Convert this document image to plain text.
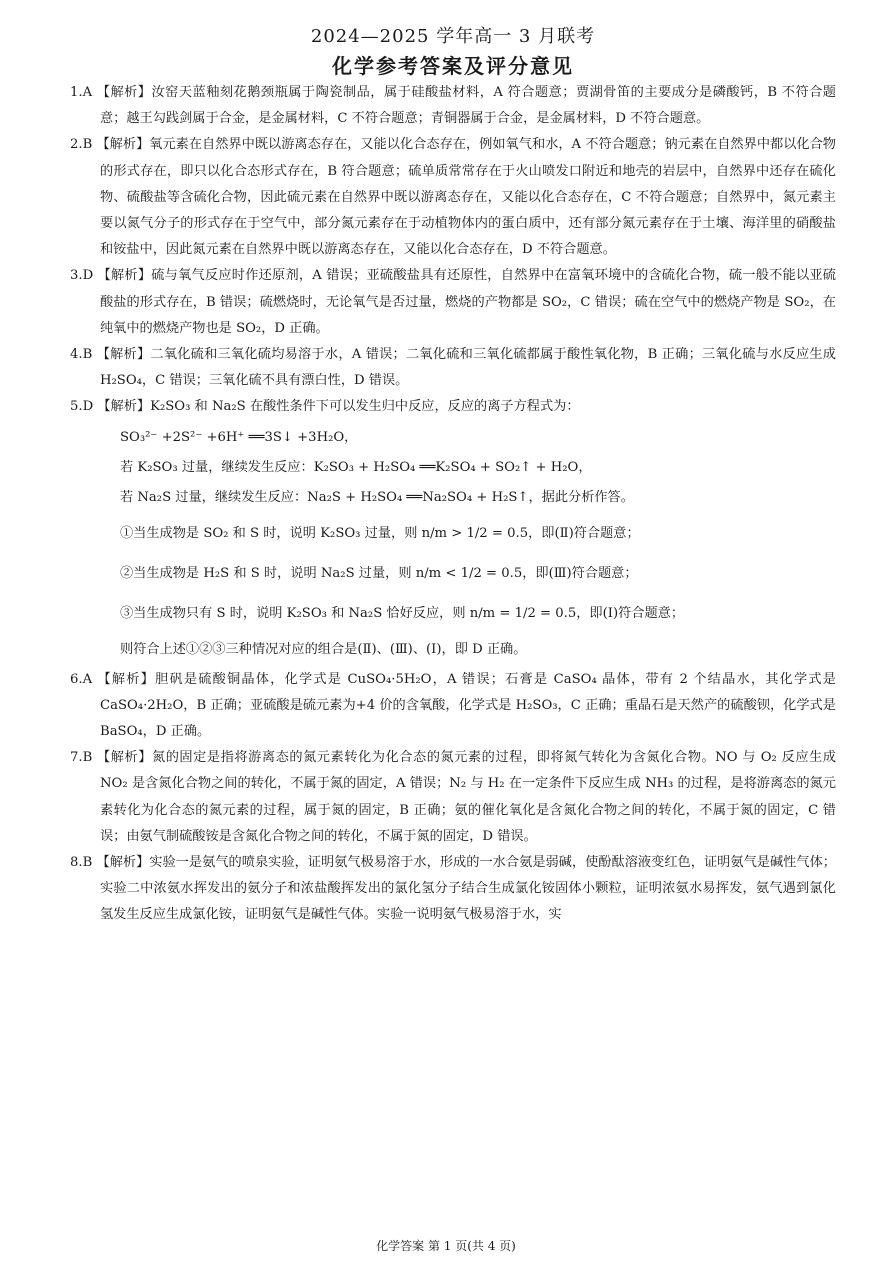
2024—2025 学年高一 3 月联考
化学参考答案及评分意见

1.A 【解析】汝窑天蓝釉刻花鹅颈瓶属于陶瓷制品，属于硅酸盐材料，A 符合题意；贾湖骨笛的主要成分是磷酸钙，B 不符合题意；越王勾践剑属于合金，是金属材料，C 不符合题意；青铜器属于合金，是金属材料，D 不符合题意。

2.B 【解析】氧元素在自然界中既以游离态存在，又能以化合态存在，例如氧气和水，A 不符合题意；钠元素在自然界中都以化合物的形式存在，即只以化合态形式存在，B 符合题意；硫单质常常存在于火山喷发口附近和地壳的岩层中，自然界中还存在硫化物、硫酸盐等含硫化合物，因此硫元素在自然界中既以游离态存在，又能以化合态存在，C 不符合题意；自然界中，氮元素主要以氮气分子的形式存在于空气中，部分氮元素存在于动植物体内的蛋白质中，还有部分氮元素存在于土壤、海洋里的硝酸盐和铵盐中，因此氮元素在自然界中既以游离态存在，又能以化合态存在，D 不符合题意。

3.D 【解析】硫与氧气反应时作还原剂，A 错误；亚硫酸盐具有还原性，自然界中在富氧环境中的含硫化合物，硫一般不能以亚硫酸盐的形式存在，B 错误；硫燃烧时，无论氧气是否过量，燃烧的产物都是 SO₂，C 错误；硫在空气中的燃烧产物是 SO₂，在纯氧中的燃烧产物也是 SO₂，D 正确。

4.B 【解析】二氧化硫和三氧化硫均易溶于水，A 错误；二氧化硫和三氧化硫都属于酸性氧化物，B 正确；三氧化硫与水反应生成 H₂SO₄，C 错误；三氧化硫不具有漂白性，D 错误。

5.D 【解析】K₂SO₃ 和 Na₂S 在酸性条件下可以发生归中反应，反应的离子方程式为：

SO₃²⁻ +2S²⁻ +6H⁺ ══3S↓ +3H₂O，
若 K₂SO₃ 过量，继续发生反应：K₂SO₃ + H₂SO₄ ══K₂SO₄ + SO₂↑ + H₂O，
若 Na₂S 过量，继续发生反应：Na₂S + H₂SO₄ ══Na₂SO₄ + H₂S↑，据此分析作答。
①当生成物是 SO₂ 和 S 时，说明 K₂SO₃ 过量，则 n/m > 1/2 = 0.5，即(Ⅱ)符合题意；
②当生成物是 H₂S 和 S 时，说明 Na₂S 过量，则 n/m < 1/2 = 0.5，即(Ⅲ)符合题意；
③当生成物只有 S 时，说明 K₂SO₃ 和 Na₂S 恰好反应，则 n/m = 1/2 = 0.5，即(Ⅰ)符合题意；
则符合上述①②③三种情况对应的组合是(Ⅱ)、(Ⅲ)、(Ⅰ)，即 D 正确。

6.A 【解析】胆矾是硫酸铜晶体，化学式是 CuSO₄·5H₂O，A 错误；石膏是 CaSO₄ 晶体，带有 2 个结晶水，其化学式是 CaSO₄·2H₂O，B 正确；亚硫酸是硫元素为+4 价的含氧酸，化学式是 H₂SO₃，C 正确；重晶石是天然产的硫酸钡，化学式是 BaSO₄，D 正确。

7.B 【解析】氮的固定是指将游离态的氮元素转化为化合态的氮元素的过程，即将氮气转化为含氮化合物。NO 与 O₂ 反应生成 NO₂ 是含氮化合物之间的转化，不属于氮的固定，A 错误；N₂ 与 H₂ 在一定条件下反应生成 NH₃ 的过程，是将游离态的氮元素转化为化合态的氮元素的过程，属于氮的固定，B 正确；氨的催化氧化是含氮化合物之间的转化，不属于氮的固定，C 错误；由氨气制硫酸铵是含氮化合物之间的转化，不属于氮的固定，D 错误。

8.B 【解析】实验一是氨气的喷泉实验，证明氨气极易溶于水，形成的一水合氨是弱碱，使酚酞溶液变红色，证明氨气是碱性气体；实验二中浓氨水挥发出的氨分子和浓盐酸挥发出的氯化氢分子结合生成氯化铵固体小颗粒，证明浓氨水易挥发，氨气遇到氯化氢发生反应生成氯化铵，证明氨气是碱性气体。实验一说明氨气极易溶于水，实

化学答案 第 1 页(共 4 页)
